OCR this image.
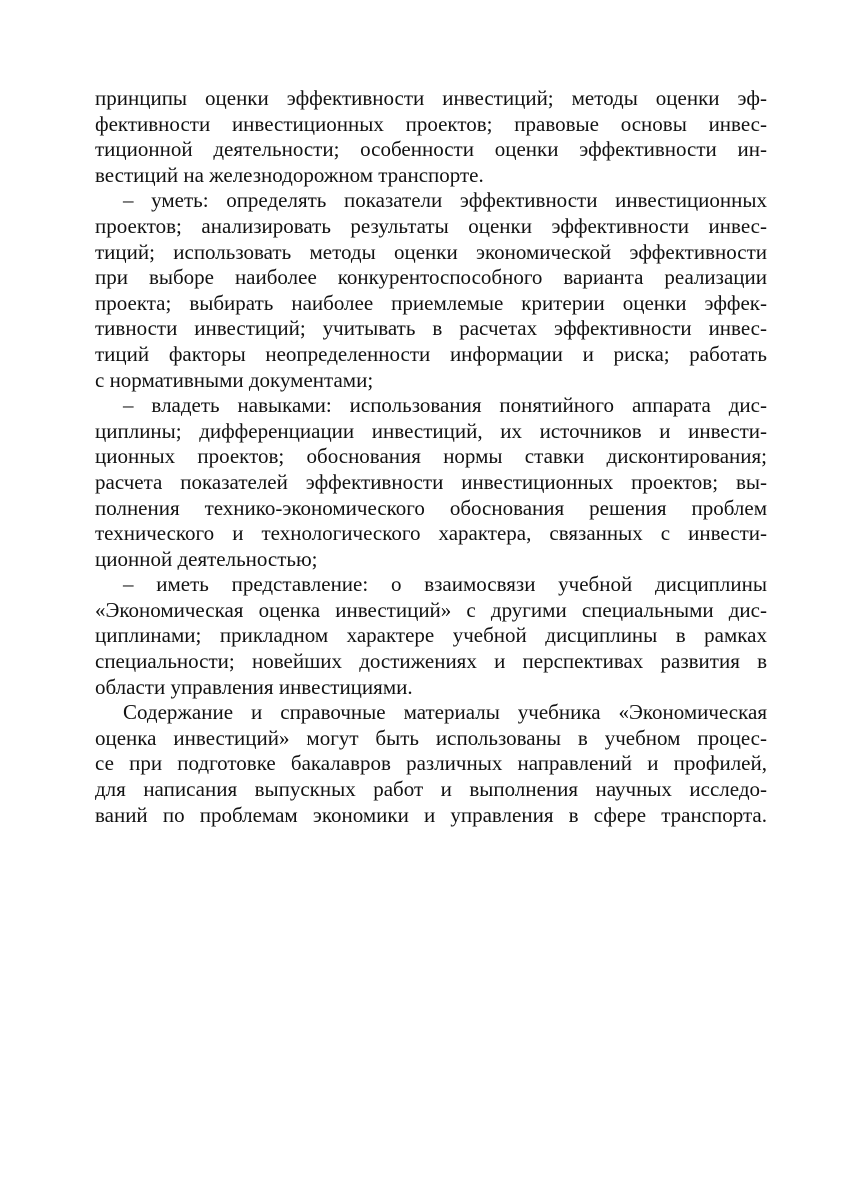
принципы оценки эффективности инвестиций; методы оценки эф-
фективности инвестиционных проектов; правовые основы инвес-
тиционной деятельности; особенности оценки эффективности ин-
вестиций на железнодорожном транспорте.
– уметь: определять показатели эффективности инвестиционных
проектов; анализировать результаты оценки эффективности инвес-
тиций; использовать методы оценки экономической эффективности
при выборе наиболее конкурентоспособного варианта реализации
проекта; выбирать наиболее приемлемые критерии оценки эффек-
тивности инвестиций; учитывать в расчетах эффективности инвес-
тиций факторы неопределенности информации и риска; работать
с нормативными документами;
– владеть навыками: использования понятийного аппарата дис-
циплины; дифференциации инвестиций, их источников и инвести-
ционных проектов; обоснования нормы ставки дисконтирования;
расчета показателей эффективности инвестиционных проектов; вы-
полнения технико-экономического обоснования решения проблем
технического и технологического характера, связанных с инвести-
ционной деятельностью;
– иметь представление: о взаимосвязи учебной дисциплины
«Экономическая оценка инвестиций» с другими специальными дис-
циплинами; прикладном характере учебной дисциплины в рамках
специальности; новейших достижениях и перспективах развития в
области управления инвестициями.
Содержание и справочные материалы учебника «Экономическая
оценка инвестиций» могут быть использованы в учебном процес-
се при подготовке бакалавров различных направлений и профилей,
для написания выпускных работ и выполнения научных исследо-
ваний по проблемам экономики и управления в сфере транспорта.
